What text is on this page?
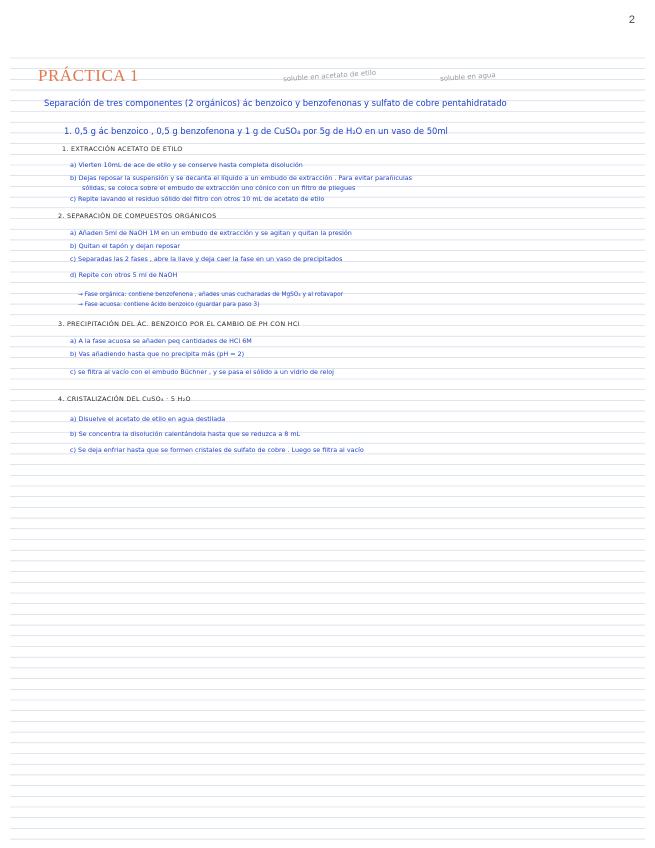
2
PRÁCTICA 1	soluble en acetato de etilo	soluble en agua
Separación de tres componentes (2 orgánicos) ác benzoico y benzofenonas y sulfato de cobre pentahidratado
1. 0,5 g ác benzoico , 0,5 g benzofenona y 1 g de CuSO₄ por 5g de H₂O en un vaso de 50ml
1. EXTRACCIÓN ACETATO DE ETILO
a) Vierten 10mL de ace de etilo y se conserve hasta completa disolución
b) Dejas reposar la suspensión y se decanta el líquido a un embudo de extracción . Para evitar parañiculas
sólidas, se coloca sobre el embudo de extracción uno cónico con un filtro de pliegues
c) Repite lavando el residuo sólido del filtro con otros 10 mL de acetato de etilo
2. SEPARACIÓN DE COMPUESTOS ORGÁNICOS
a) Añaden 5ml de NaOH 1M en un embudo de extracción y se agitan y quitan la presión
b) Quitan el tapón y dejan reposar
c) Separadas las 2 fases , abre la llave y deja caer la fase en un vaso de precipitados
d) Repite con otros 5 ml de NaOH
→ Fase orgánica: contiene benzofenona , añades unas cucharadas de MgSO₄ y al rotavapor
→ Fase acuosa: contiene ácido benzoico (guardar para paso 3)
3. PRECIPITACIÓN DEL ÁC. BENZOICO POR EL CAMBIO DE PH CON HCl
a) A la fase acuosa se añaden peq cantidades de HCl 6M
b) Vas añadiendo hasta que no precipita más (pH = 2)
c) se filtra al vacío con el embudo Büchner , y se pasa el sólido a un vidrio de reloj
4. CRISTALIZACIÓN DEL CuSO₄ · 5 H₂O
a) Disuelve el acetato de etilo en agua destilada
b) Se concentra la disolución calentándola hasta que se reduzca a 8 mL
c) Se deja enfriar hasta que se formen cristales de sulfato de cobre . Luego se filtra al vacío
